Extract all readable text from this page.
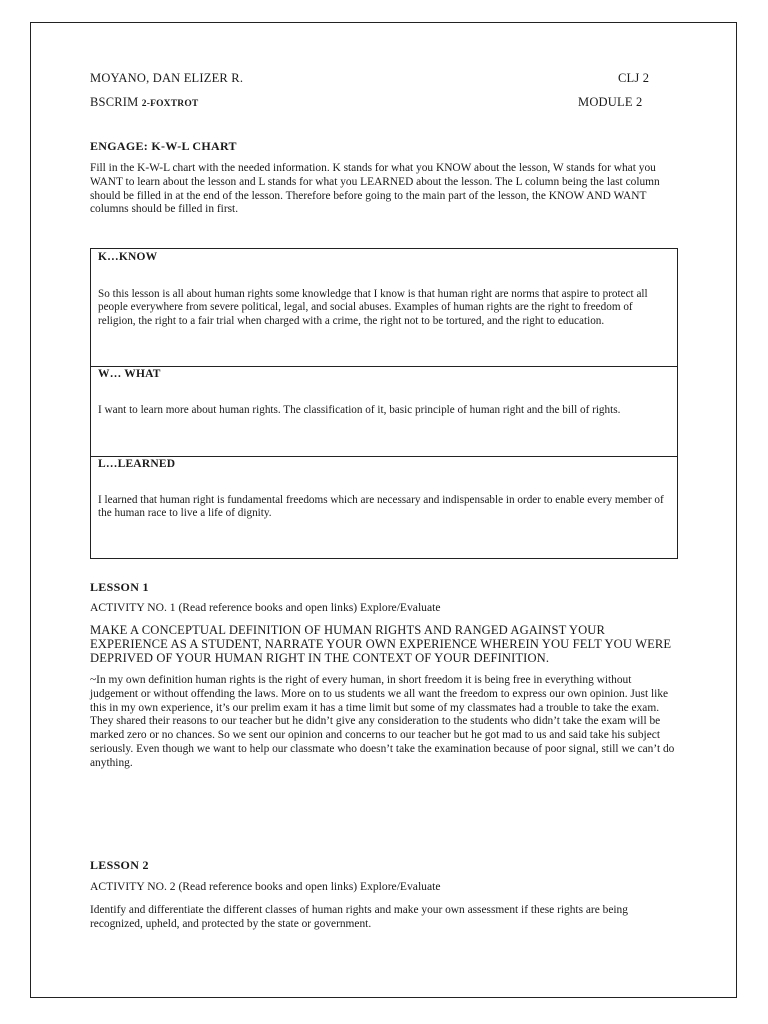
MOYANO, DAN ELIZER R.	CLJ 2
BSCRIM 2-FOXTROT	MODULE 2
ENGAGE: K-W-L CHART
Fill in the K-W-L chart with the needed information. K stands for what you KNOW about the lesson, W stands for what you WANT to learn about the lesson and L stands for what you LEARNED about the lesson. The L column being the last column should be filled in at the end of the lesson. Therefore before going to the main part of the lesson, the KNOW AND WANT columns should be filled in first.
K…KNOW
So this lesson is all about human rights some knowledge that I know is that human right are norms that aspire to protect all people everywhere from severe political, legal, and social abuses. Examples of human rights are the right to freedom of religion, the right to a fair trial when charged with a crime, the right not to be tortured, and the right to education.
W… WHAT
I want to learn more about human rights. The classification of it, basic principle of human right and the bill of rights.
L…LEARNED
I learned that human right is fundamental freedoms which are necessary and indispensable in order to enable every member of the human race to live a life of dignity.
LESSON 1
ACTIVITY NO. 1 (Read reference books and open links) Explore/Evaluate
MAKE A CONCEPTUAL DEFINITION OF HUMAN RIGHTS AND RANGED AGAINST YOUR EXPERIENCE AS A STUDENT, NARRATE YOUR OWN EXPERIENCE WHEREIN YOU FELT YOU WERE DEPRIVED OF YOUR HUMAN RIGHT IN THE CONTEXT OF YOUR DEFINITION.
~In my own definition human rights is the right of every human, in short freedom it is being free in everything without judgement or without offending the laws. More on to us students we all want the freedom to express our own opinion. Just like this in my own experience, it’s our prelim exam it has a time limit but some of my classmates had a trouble to take the exam. They shared their reasons to our teacher but he didn’t give any consideration to the students who didn’t take the exam will be marked zero or no chances. So we sent our opinion and concerns to our teacher but he got mad to us and said take his subject seriously. Even though we want to help our classmate who doesn’t take the examination because of poor signal, still we can’t do anything.
LESSON 2
ACTIVITY NO. 2 (Read reference books and open links) Explore/Evaluate
Identify and differentiate the different classes of human rights and make your own assessment if these rights are being recognized, upheld, and protected by the state or government.
